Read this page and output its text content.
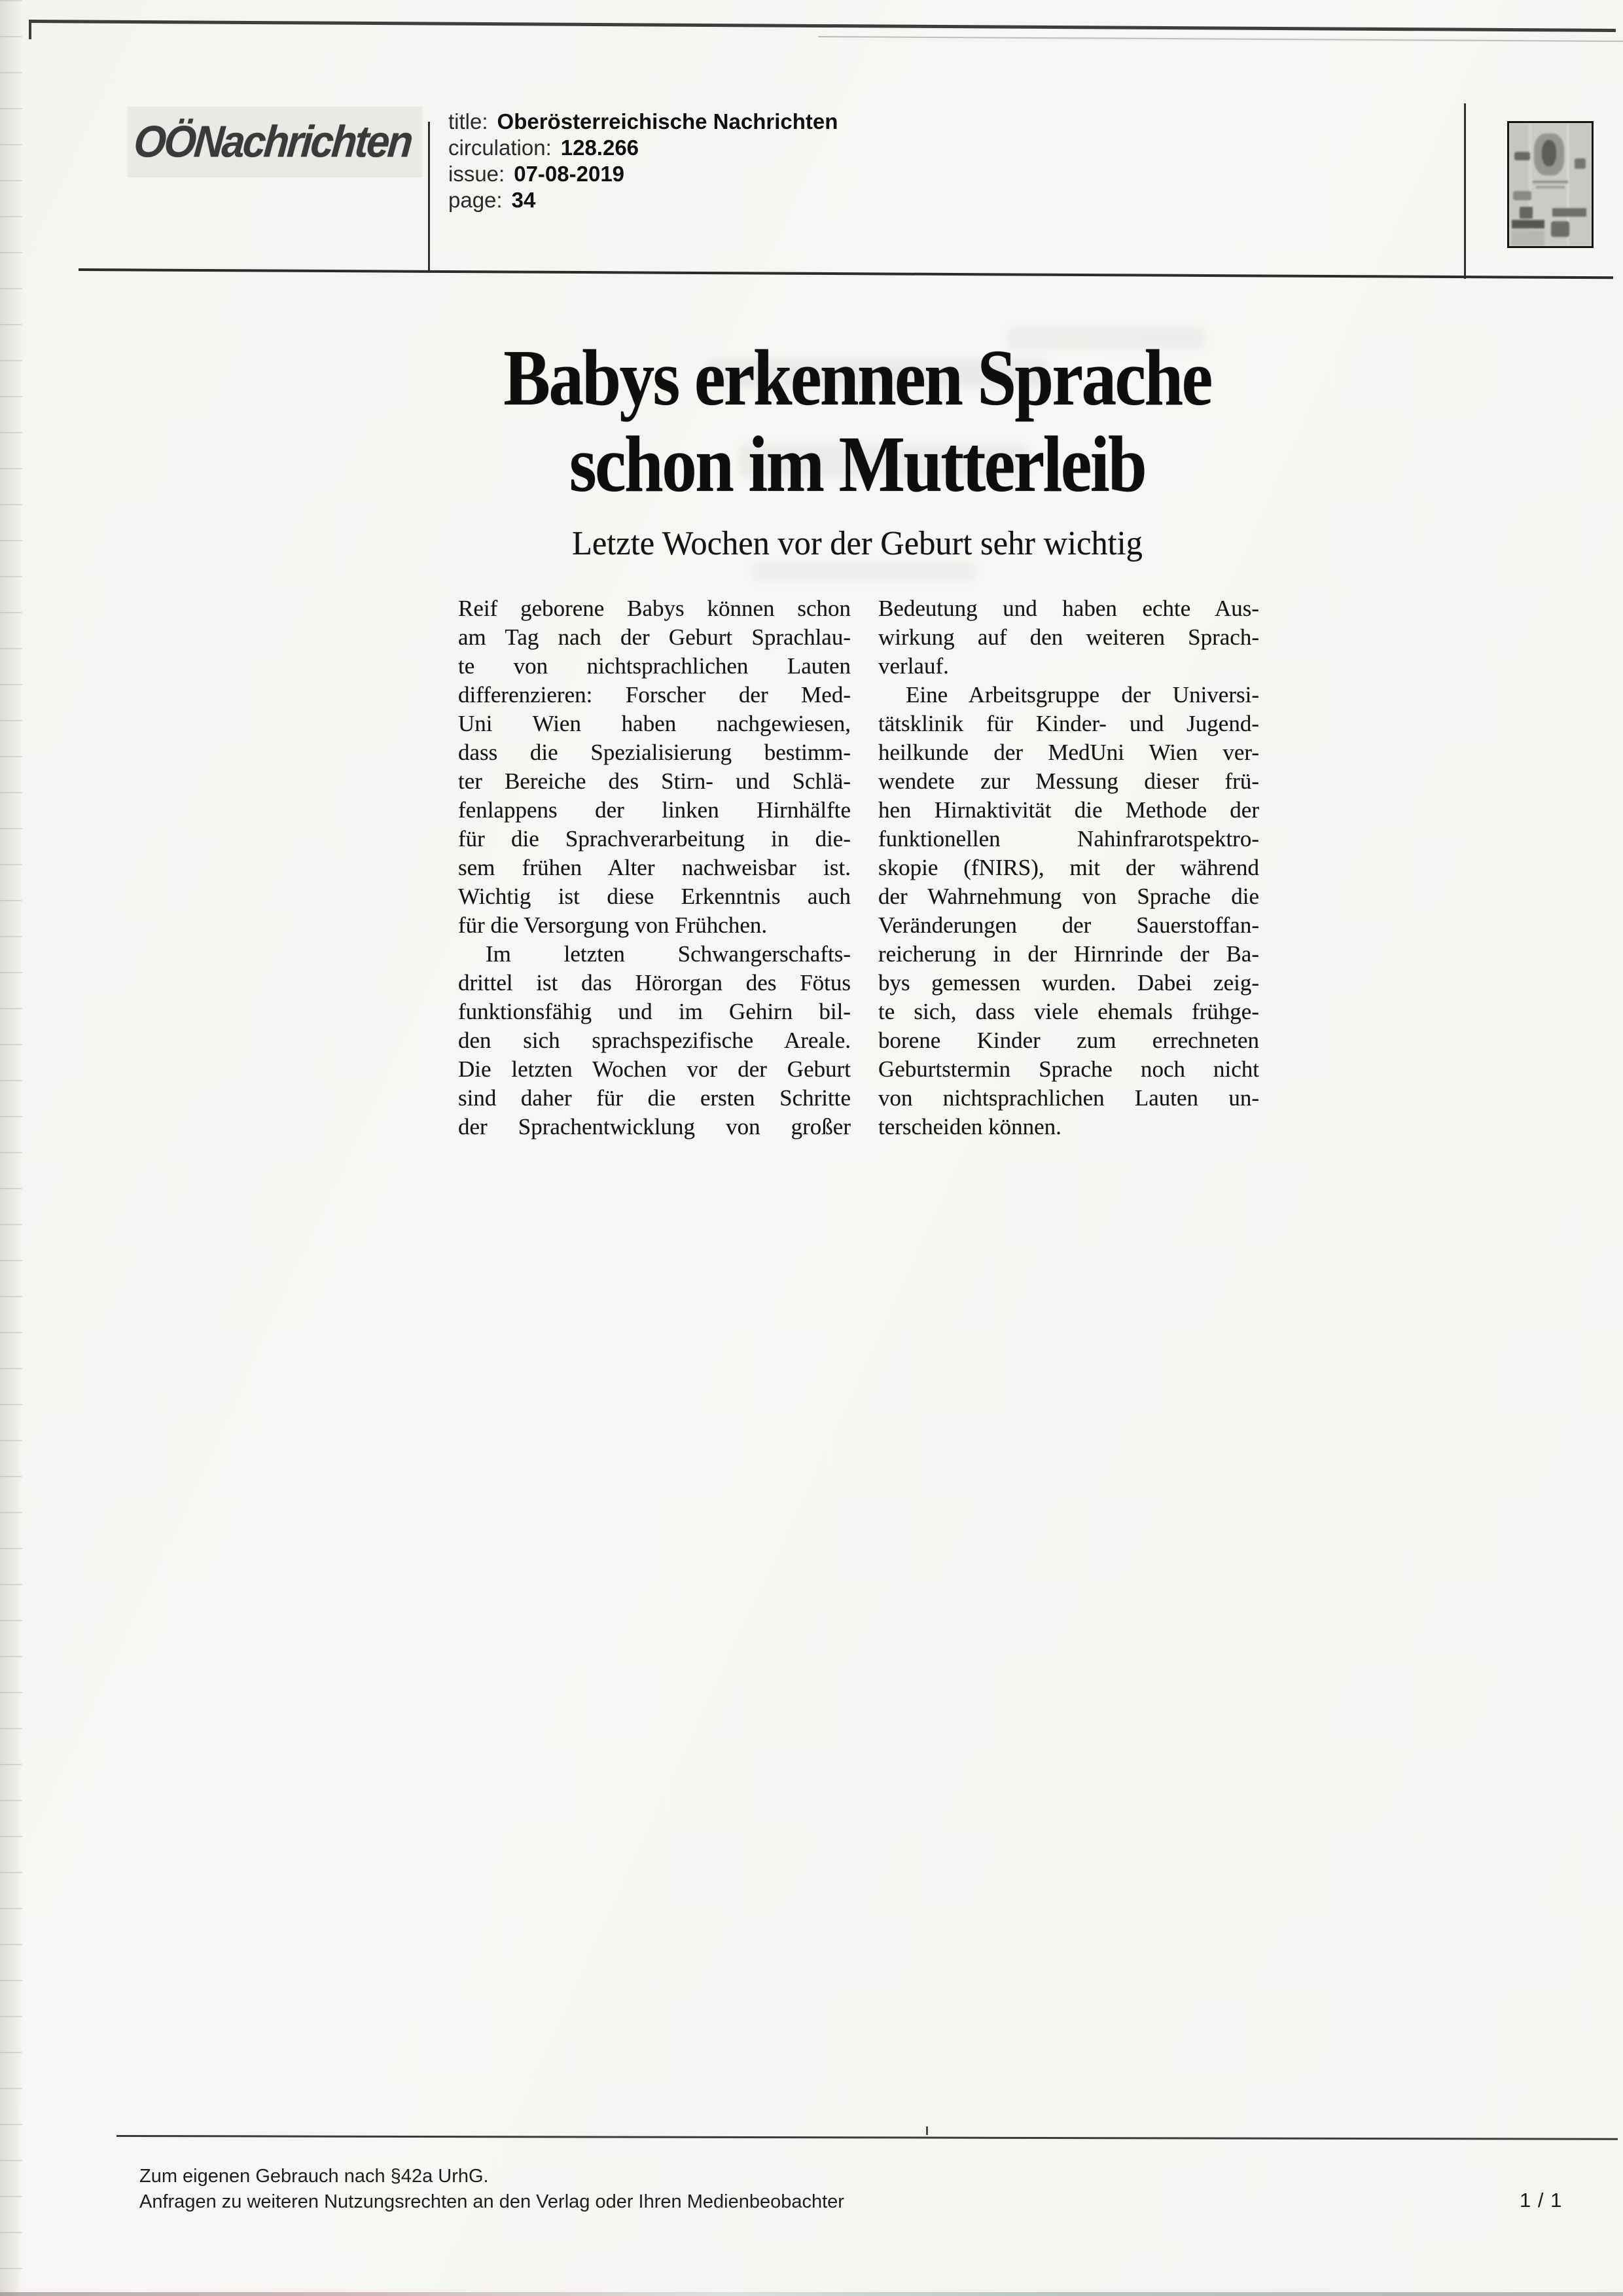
OÖNachrichten title: Oberösterreichische Nachrichten
circulation: 128.266
issue: 07-08-2019
page: 34
Babys erkennen Sprache
schon im Mutterleib
Letzte Wochen vor der Geburt sehr wichtig
Reif geborene Babys können schon
am Tag nach der Geburt Sprachlau-
te von nichtsprachlichen Lauten
differenzieren: Forscher der Med-
Uni Wien haben nachgewiesen,
dass die Spezialisierung bestimm-
ter Bereiche des Stirn- und Schlä-
fenlappens der linken Hirnhälfte
für die Sprachverarbeitung in die-
sem frühen Alter nachweisbar ist.
Wichtig ist diese Erkenntnis auch
für die Versorgung von Frühchen.
Im letzten Schwangerschafts-
drittel ist das Hörorgan des Fötus
funktionsfähig und im Gehirn bil-
den sich sprachspezifische Areale.
Die letzten Wochen vor der Geburt
sind daher für die ersten Schritte
der Sprachentwicklung von großer
Bedeutung und haben echte Aus-
wirkung auf den weiteren Sprach-
verlauf.
Eine Arbeitsgruppe der Universi-
tätsklinik für Kinder- und Jugend-
heilkunde der MedUni Wien ver-
wendete zur Messung dieser frü-
hen Hirnaktivität die Methode der
funktionellen Nahinfrarotspektro-
skopie (fNIRS), mit der während
der Wahrnehmung von Sprache die
Veränderungen der Sauerstoffan-
reicherung in der Hirnrinde der Ba-
bys gemessen wurden. Dabei zeig-
te sich, dass viele ehemals frühge-
borene Kinder zum errechneten
Geburtstermin Sprache noch nicht
von nichtsprachlichen Lauten un-
terscheiden können.
Zum eigenen Gebrauch nach §42a UrhG.
Anfragen zu weiteren Nutzungsrechten an den Verlag oder Ihren Medienbeobachter	1 / 1
